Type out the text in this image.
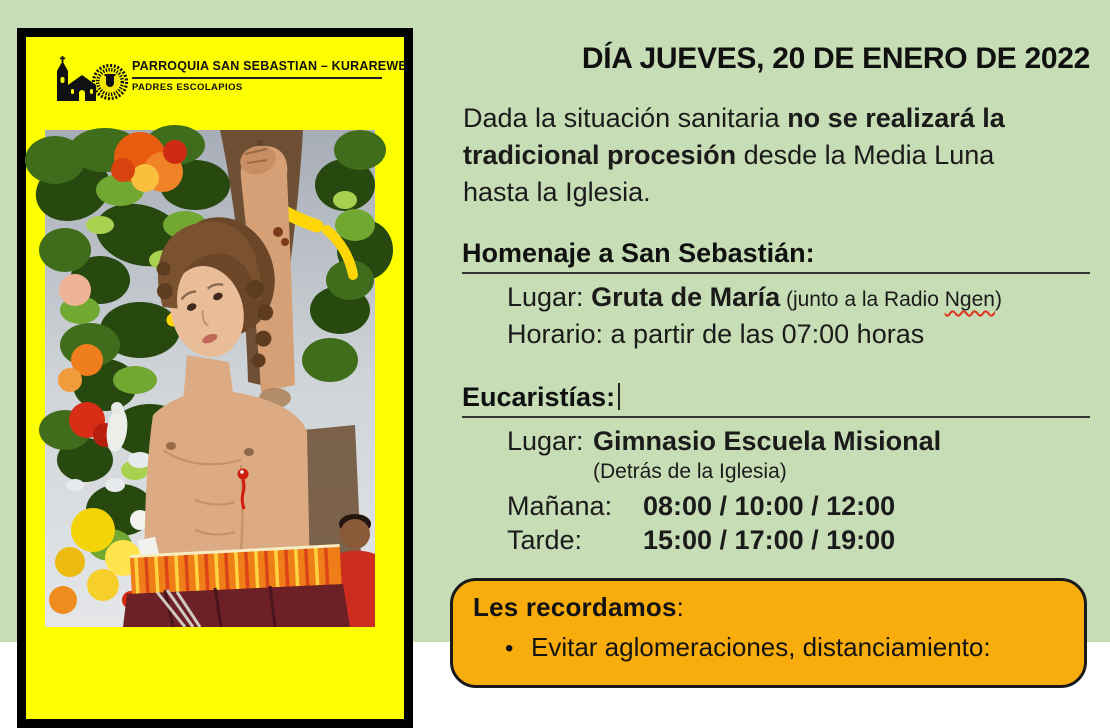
PARROQUIA SAN SEBASTIAN – KURAREWE
PADRES ESCOLAPIOS
DÍA JUEVES, 20 DE ENERO DE 2022
Dada la situación sanitaria no se realizará la
tradicional procesión desde la Media Luna
hasta la Iglesia.
Homenaje a San Sebastián:
Lugar: Gruta de María (junto a la Radio Ngen)
Horario: a partir de las 07:00 horas
Eucaristías:
Lugar: Gimnasio Escuela Misional
(Detrás de la Iglesia)
Mañana: 08:00 / 10:00 / 12:00
Tarde: 15:00 / 17:00 / 19:00
Les recordamos:
• Evitar aglomeraciones, distanciamiento:
